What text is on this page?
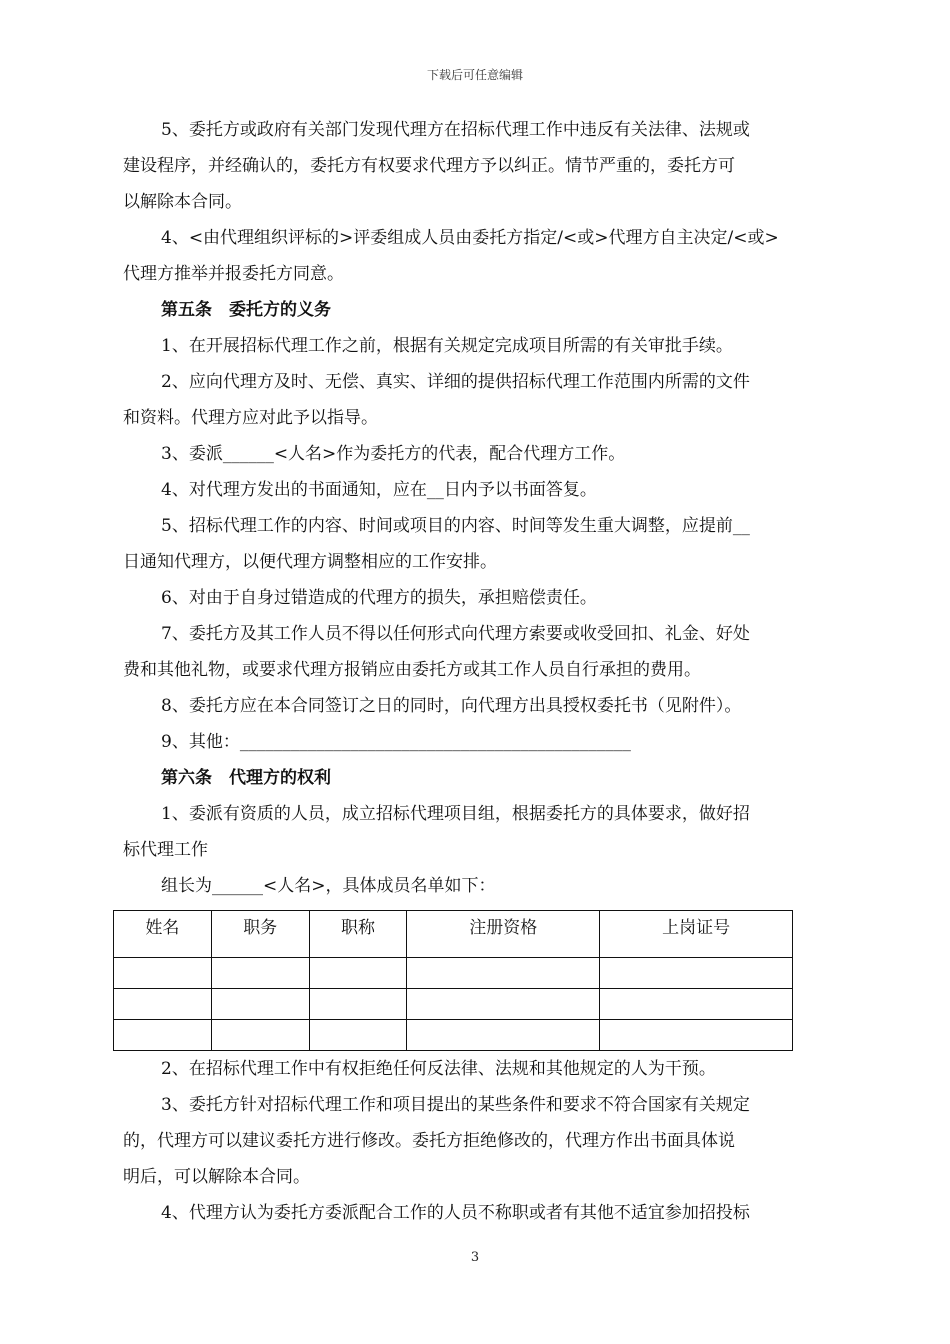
下载后可任意编辑

5、委托方或政府有关部门发现代理方在招标代理工作中违反有关法律、法规或

建设程序，并经确认的，委托方有权要求代理方予以纠正。情节严重的，委托方可

以解除本合同。

4、<由代理组织评标的>评委组成人员由委托方指定/<或>代理方自主决定/<或>

代理方推举并报委托方同意。

第五条　委托方的义务

1、在开展招标代理工作之前，根据有关规定完成项目所需的有关审批手续。

2、应向代理方及时、无偿、真实、详细的提供招标代理工作范围内所需的文件

和资料。代理方应对此予以指导。

3、委派______<人名>作为委托方的代表，配合代理方工作。

4、对代理方发出的书面通知，应在__日内予以书面答复。

5、招标代理工作的内容、时间或项目的内容、时间等发生重大调整，应提前__

日通知代理方，以便代理方调整相应的工作安排。

6、对由于自身过错造成的代理方的损失，承担赔偿责任。

7、委托方及其工作人员不得以任何形式向代理方索要或收受回扣、礼金、好处

费和其他礼物，或要求代理方报销应由委托方或其工作人员自行承担的费用。

8、委托方应在本合同签订之日的同时，向代理方出具授权委托书（见附件）。

9、其他：______________________________________________

第六条　代理方的权利

1、委派有资质的人员，成立招标代理项目组，根据委托方的具体要求，做好招

标代理工作

组长为______<人名>，具体成员名单如下：

姓名	职务	职称	注册资格	上岗证号

2、在招标代理工作中有权拒绝任何反法律、法规和其他规定的人为干预。

3、委托方针对招标代理工作和项目提出的某些条件和要求不符合国家有关规定

的，代理方可以建议委托方进行修改。委托方拒绝修改的，代理方作出书面具体说

明后，可以解除本合同。

4、代理方认为委托方委派配合工作的人员不称职或者有其他不适宜参加招投标

3
